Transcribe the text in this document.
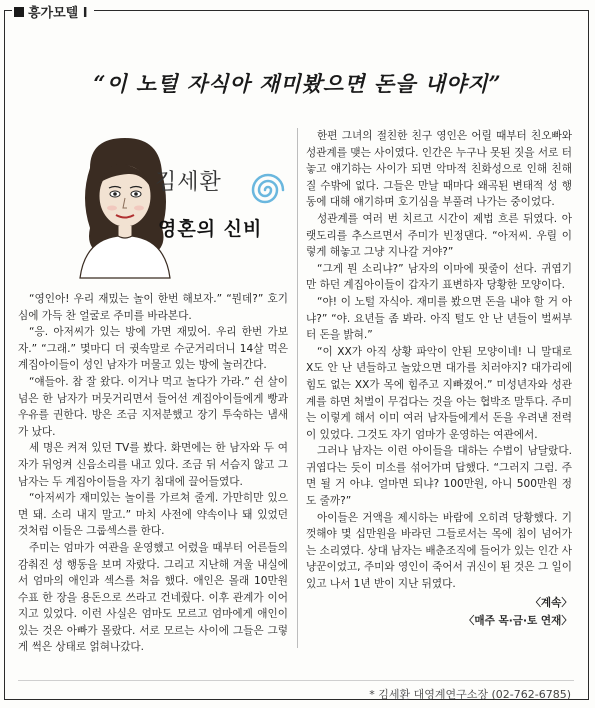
흥가모텔 I
“이 노털 자식아 재미봤으면 돈을 내야지”
김세환
영혼의 신비

“영인아! 우리 재밌는 놀이 한번 해보자.” “뭔데?” 호기심에 가득 찬 얼굴로 주미를 바라본다.

“응. 아저씨가 있는 방에 가면 재밌어. 우리 한번 가보자.” “그래.” 몇마디 더 귓속말로 수군거리더니 14살 먹은 계집아이들이 성인 남자가 머물고 있는 방에 놀러간다.

“얘들아. 참 잘 왔다. 이거나 먹고 놀다가 가라.” 쉰 살이 넘은 한 남자가 머뭇거리면서 들어선 계집아이들에게 빵과 우유를 권한다. 방은 조금 지저분했고 장기 투숙하는 냄새가 났다.

세 명은 켜져 있던 TV를 봤다. 화면에는 한 남자와 두 여자가 뒤엉켜 신음소리를 내고 있다. 조금 뒤 서슴지 않고 그 남자는 두 계집아이들을 자기 침대에 끌어들였다.

“아저씨가 재미있는 놀이를 가르쳐 줄게. 가만히만 있으면 돼. 소리 내지 말고.” 마치 사전에 약속이나 돼 있었던 것처럼 이들은 그룹섹스를 한다.

주미는 엄마가 여관을 운영했고 어렸을 때부터 어른들의 감춰진 성 행동을 보며 자랐다. 그리고 지난해 겨울 내실에서 엄마의 애인과 섹스를 처음 했다. 애인은 몰래 10만원 수표 한 장을 용돈으로 쓰라고 건네줬다. 이후 관계가 이어지고 있었다. 이런 사실은 엄마도 모르고 엄마에게 애인이 있는 것은 아빠가 몰랐다. 서로 모르는 사이에 그들은 그렇게 썩은 상태로 얽혀나갔다.

한편 그녀의 절친한 친구 영인은 어릴 때부터 친오빠와 성관계를 맺는 사이였다. 인간은 누구나 못된 짓을 서로 터놓고 얘기하는 사이가 되면 악마적 친화성으로 인해 친해질 수밖에 없다. 그들은 만날 때마다 왜곡된 변태적 성 행동에 대해 얘기하며 호기심을 부풀려 나가는 중이었다.

성관계를 여러 번 치르고 시간이 제법 흐른 뒤였다. 아랫도리를 추스르면서 주미가 빈정댄다. “아저씨. 우릴 이렇게 해놓고 그냥 지나갈 거야?”

“그게 뭔 소리냐?” 남자의 이마에 핏줄이 선다. 귀엽기만 하던 계집아이들이 갑자기 표변하자 당황한 모양이다.

“야! 이 노털 자식아. 재미를 봤으면 돈을 내야 할 거 아냐?” “야. 요년들 좀 봐라. 아직 털도 안 난 년들이 벌써부터 돈을 밝혀.”

“이 XX가 아직 상황 파악이 안된 모양이네! 니 말대로 X도 안 난 년들하고 놀았으면 대가를 치러야지? 대가리에 힘도 없는 XX가 목에 힘주고 지빠졌어.” 미성년자와 성관계를 하면 처벌이 무겁다는 것을 아는 협박조 말투다. 주미는 이렇게 해서 이미 여러 남자들에게서 돈을 우려낸 전력이 있었다. 그것도 자기 엄마가 운영하는 여관에서.

그러나 남자는 이런 아이들을 대하는 수법이 남달랐다. 귀엽다는 듯이 미소를 섞어가며 답했다. “그러지 그럼. 주면 될 거 아냐. 얼마면 되냐? 100만원, 아니 500만원 정도 줄까?”

아이들은 거액을 제시하는 바람에 오히려 당황했다. 기껏해야 몇 십만원을 바라던 그들로서는 목에 침이 넘어가는 소리였다. 상대 남자는 배춘조직에 들어가 있는 인간 사냥꾼이었고, 주미와 영인이 죽어서 귀신이 된 것은 그 일이 있고 나서 1년 반이 지난 뒤였다.

〈계속〉
〈매주 목·금·토 연재〉
* 김세환 대영계연구소장 (02-762-6785)
